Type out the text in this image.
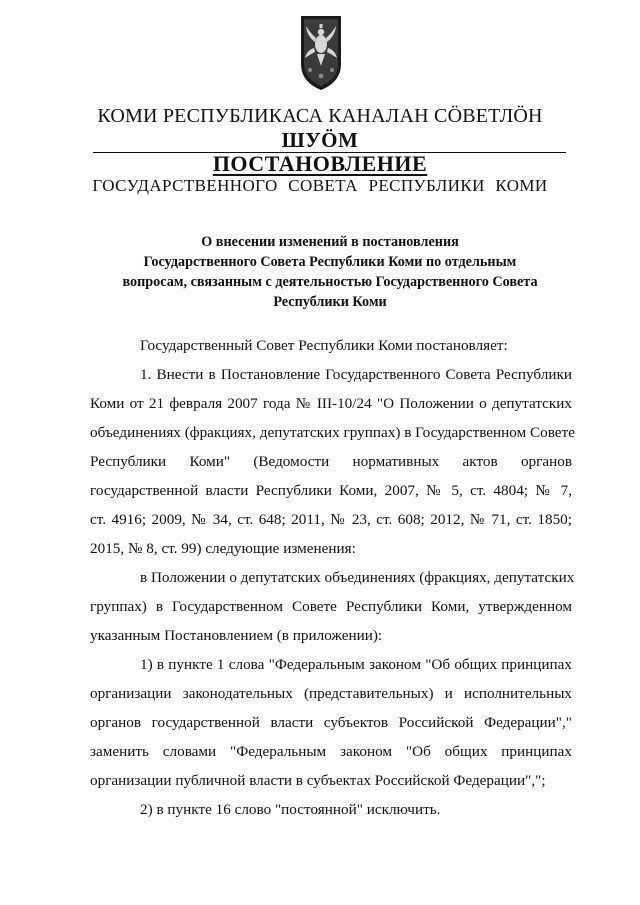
КОМИ РЕСПУБЛИКАСА КАНАЛАН СӦВЕТЛӦН
ШУӦМ
ПОСТАНОВЛЕНИЕ
ГОСУДАРСТВЕННОГО СОВЕТА РЕСПУБЛИКИ КОМИ
О внесении изменений в постановления
Государственного Совета Республики Коми по отдельным
вопросам, связанным с деятельностью Государственного Совета
Республики Коми
Государственный Совет Республики Коми постановляет:
1. Внести в Постановление Государственного Совета Республики
Коми от 21 февраля 2007 года № III-10/24 "О Положении о депутатских
объединениях (фракциях, депутатских группах) в Государственном Совете
Республики Коми" (Ведомости нормативных актов органов
государственной власти Республики Коми, 2007, № 5, ст. 4804; № 7,
ст. 4916; 2009, № 34, ст. 648; 2011, № 23, ст. 608; 2012, № 71, ст. 1850;
2015, № 8, ст. 99) следующие изменения:
в Положении о депутатских объединениях (фракциях, депутатских
группах) в Государственном Совете Республики Коми, утвержденном
указанным Постановлением (в приложении):
1) в пункте 1 слова "Федеральным законом "Об общих принципах
организации законодательных (представительных) и исполнительных
органов государственной власти субъектов Российской Федерации","
заменить словами "Федеральным законом "Об общих принципах
организации публичной власти в субъектах Российской Федерации",";
2) в пункте 16 слово "постоянной" исключить.
